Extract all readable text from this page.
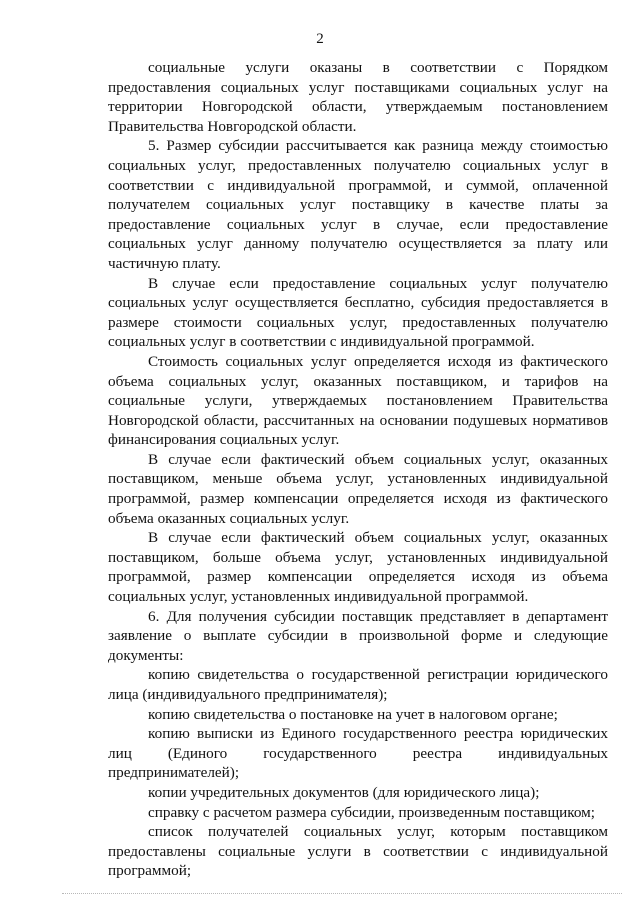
2

социальные услуги оказаны в соответствии с Порядком предоставления социальных услуг поставщиками социальных услуг на территории Новгородской области, утверждаемым постановлением Правительства Новгородской области.

5. Размер субсидии рассчитывается как разница между стоимостью социальных услуг, предоставленных получателю социальных услуг в соответствии с индивидуальной программой, и суммой, оплаченной получателем социальных услуг поставщику в качестве платы за предоставление социальных услуг в случае, если предоставление социальных услуг данному получателю осуществляется за плату или частичную плату.

В случае если предоставление социальных услуг получателю социальных услуг осуществляется бесплатно, субсидия предоставляется в размере стоимости социальных услуг, предоставленных получателю социальных услуг в соответствии с индивидуальной программой.

Стоимость социальных услуг определяется исходя из фактического объема социальных услуг, оказанных поставщиком, и тарифов на социальные услуги, утверждаемых постановлением Правительства Новгородской области, рассчитанных на основании подушевых нормативов финансирования социальных услуг.

В случае если фактический объем социальных услуг, оказанных поставщиком, меньше объема услуг, установленных индивидуальной программой, размер компенсации определяется исходя из фактического объема оказанных социальных услуг.

В случае если фактический объем социальных услуг, оказанных поставщиком, больше объема услуг, установленных индивидуальной программой, размер компенсации определяется исходя из объема социальных услуг, установленных индивидуальной программой.

6. Для получения субсидии поставщик представляет в департамент заявление о выплате субсидии в произвольной форме и следующие документы:

копию свидетельства о государственной регистрации юридического лица (индивидуального предпринимателя);

копию свидетельства о постановке на учет в налоговом органе;

копию выписки из Единого государственного реестра юридических лиц (Единого государственного реестра индивидуальных предпринимателей);

копии учредительных документов (для юридического лица);

справку с расчетом размера субсидии, произведенным поставщиком;

список получателей социальных услуг, которым поставщиком предоставлены социальные услуги в соответствии с индивидуальной программой;
